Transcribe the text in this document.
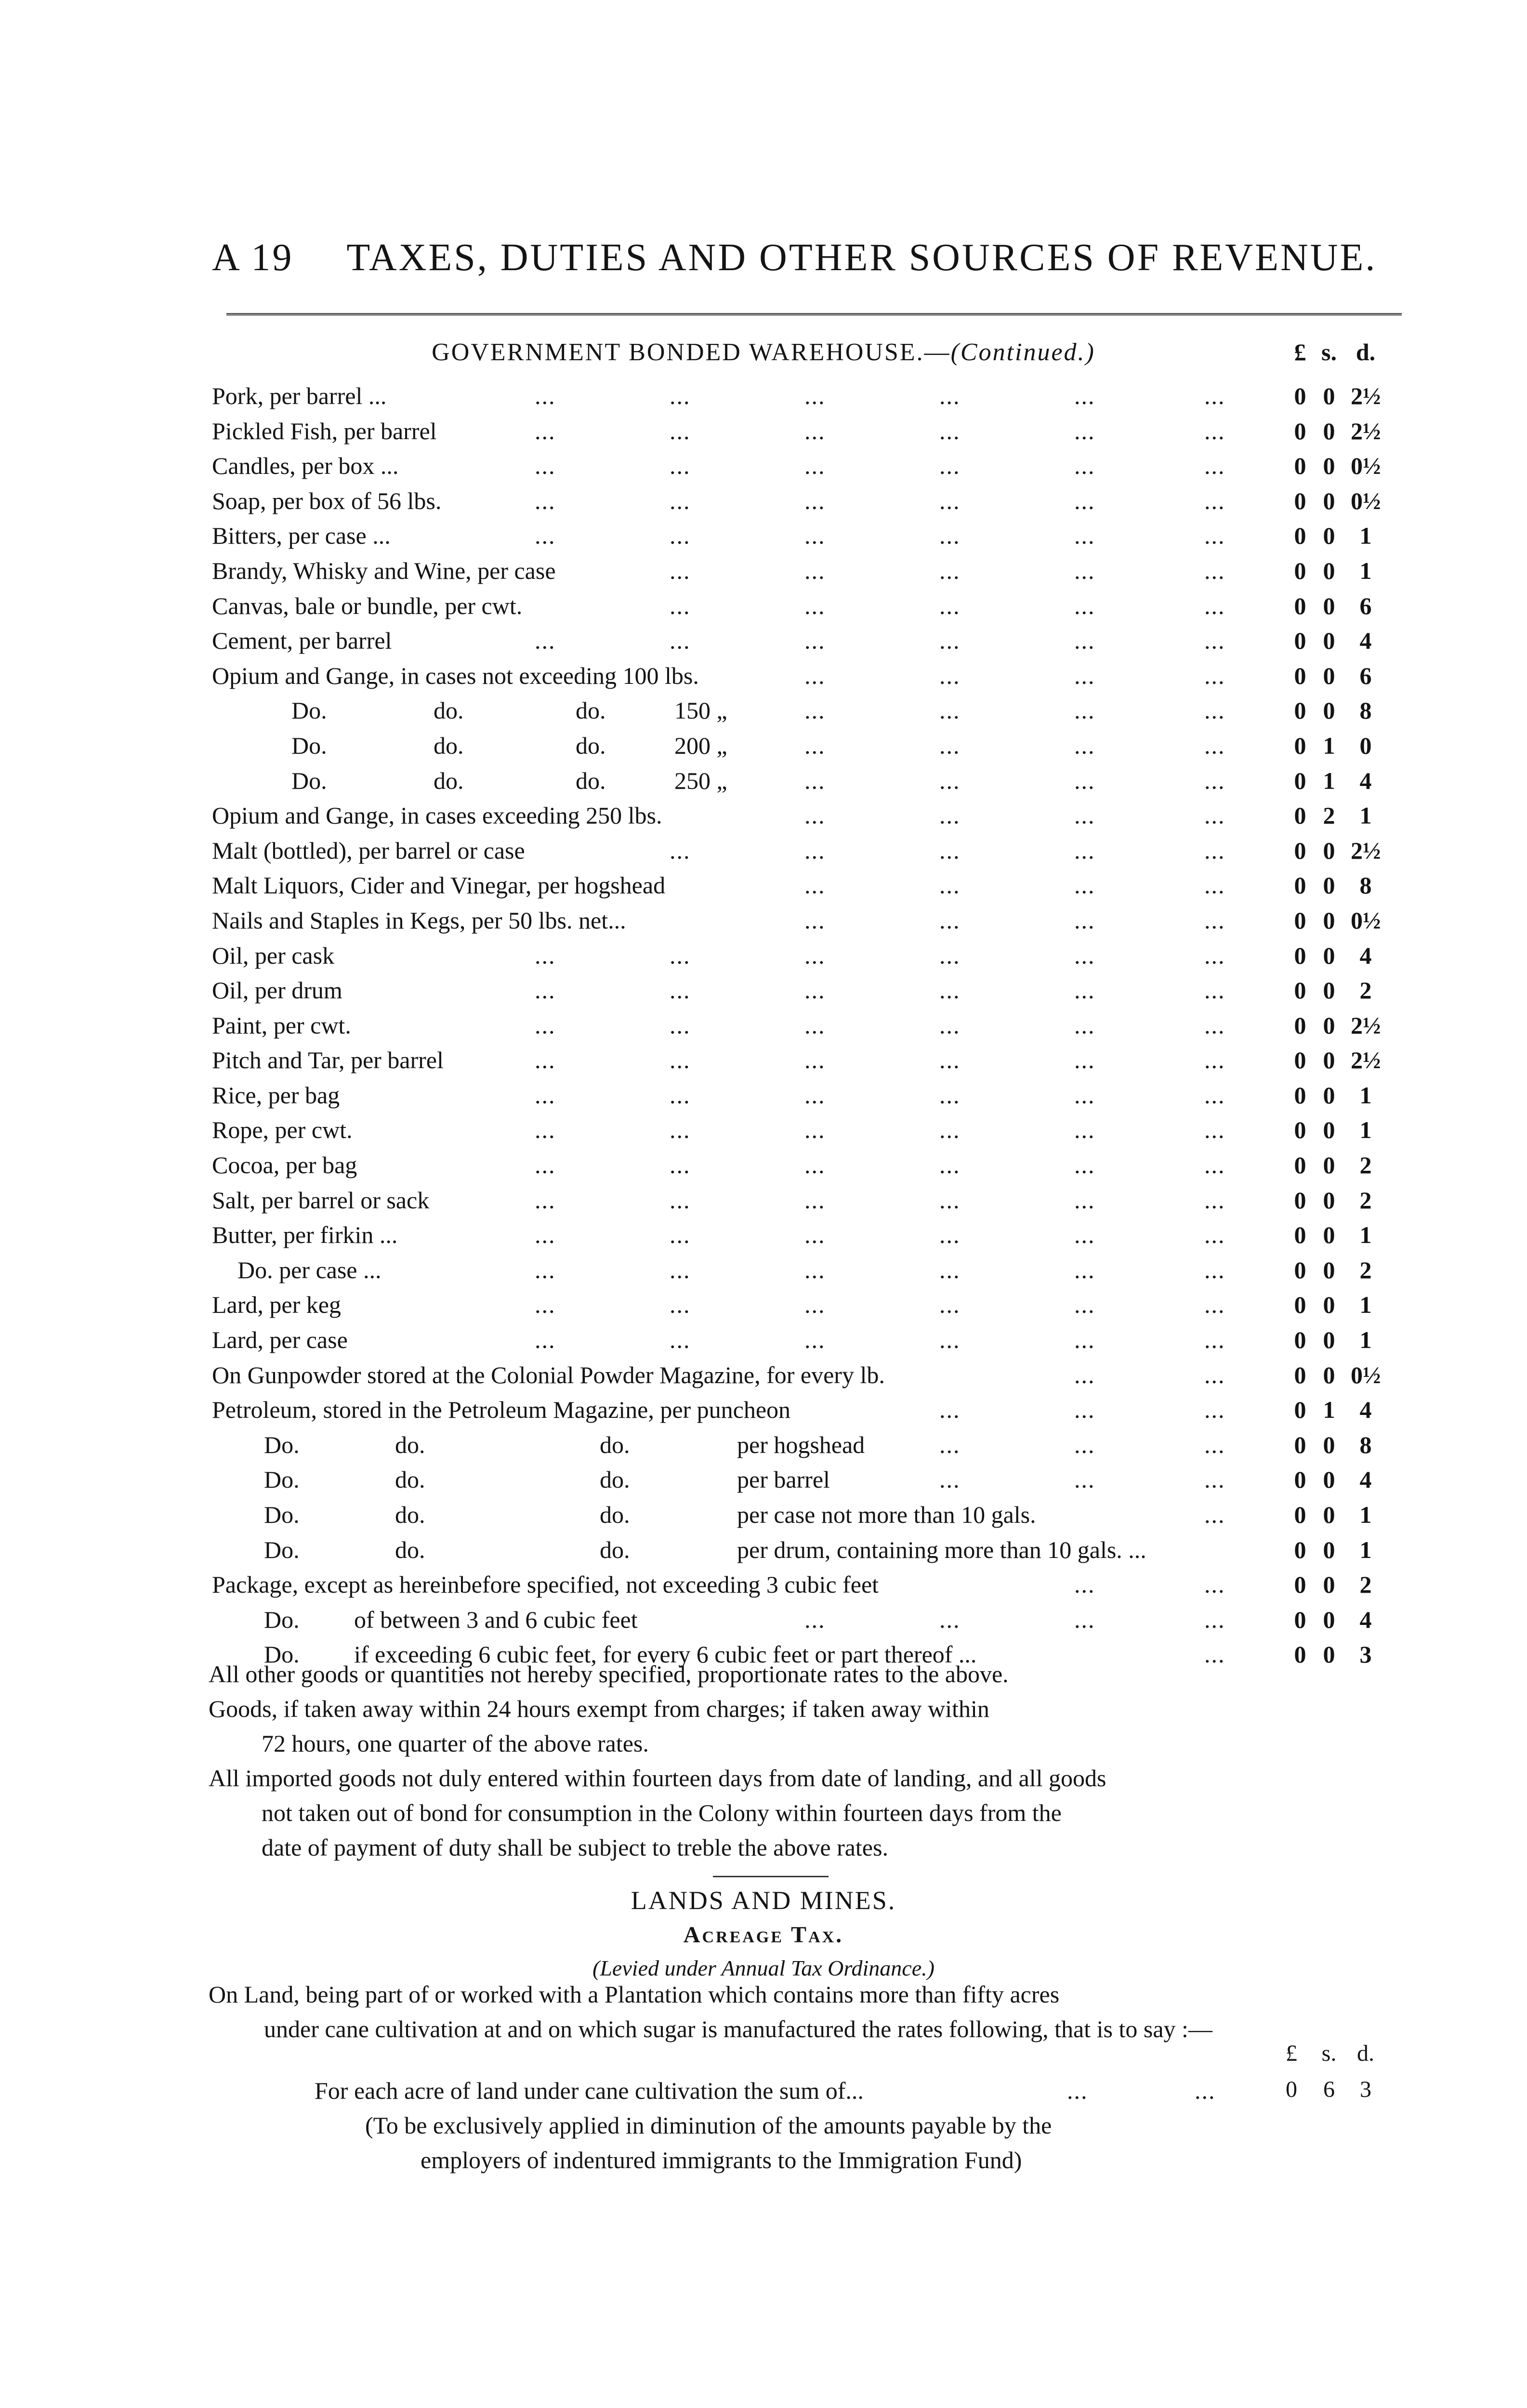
A 19 TAXES, DUTIES AND OTHER SOURCES OF REVENUE.
GOVERNMENT BONDED WAREHOUSE.—(Continued.)	£ s. d.
Pork, per barrel ...	...	...	...	...	...	...	0 0 2½
Pickled Fish, per barrel	...	...	...	...	...	...	0 0 2½
Candles, per box ...	...	...	...	...	...	...	0 0 0½
Soap, per box of 56 lbs.	...	...	...	...	...	...	0 0 0½
Bitters, per case ...	...	...	...	...	...	...	0 0	1
Brandy, Whisky and Wine, per case	...	...	...	...	...	0 0	1
Canvas, bale or bundle, per cwt.	...	...	...	...	...	0 0	6
Cement, per barrel	...	...	...	...	...	...	0 0	4
Opium and Gange, in cases not exceeding 100 lbs.	...	...	...	...	0 0	6
Do.	do.	do.	150 „	...	...	...	...	0 0	8
Do.	do.	do.	200 „	...	...	...	...	0 1	0
Do.	do.	do.	250 „	...	...	...	...	0 1	4
Opium and Gange, in cases exceeding 250 lbs.	...	...	...	...	0 2	1
Malt (bottled), per barrel or case	...	...	...	...	...	0 0 2½
Malt Liquors, Cider and Vinegar, per hogshead	...	...	...	...	0 0	8
Nails and Staples in Kegs, per 50 lbs. net...	...	...	...	...	0 0 0½
Oil, per cask	...	...	...	...	...	...	0 0	4
Oil, per drum	...	...	...	...	...	...	0 0	2
Paint, per cwt.	...	...	...	...	...	...	0 0 2½
Pitch and Tar, per barrel	...	...	...	...	...	...	0 0 2½
Rice, per bag	...	...	...	...	...	...	0 0	1
Rope, per cwt.	...	...	...	...	...	...	0 0	1
Cocoa, per bag	...	...	...	...	...	...	0 0	2
Salt, per barrel or sack	...	...	...	...	...	...	0 0	2
Butter, per firkin ...	...	...	...	...	...	...	0 0	1
Do. per case ...	...	...	...	...	...	...	0 0	2
Lard, per keg	...	...	...	...	...	...	0 0	1
Lard, per case	...	...	...	...	...	...	0 0	1
On Gunpowder stored at the Colonial Powder Magazine, for every lb.	...	...	0 0 0½
Petroleum, stored in the Petroleum Magazine, per puncheon	...	...	...	0 1	4
Do.	do.	do.	per hogshead	...	...	...	0 0	8
Do.	do.	do.	per barrel	...	...	...	0 0	4
Do.	do.	do.	per case not more than 10 gals.	...	0 0	1
Do.	do.	do.	per drum, containing more than 10 gals. ...	0 0	1
Package, except as hereinbefore specified, not exceeding 3 cubic feet	...	...	0 0	2
Do. of between 3 and 6 cubic feet	...	...	...	...	0 0	4
Do. if exceeding 6 cubic feet, for every 6 cubic feet or part thereof ...	...	0 0	3
All other goods or quantities not hereby specified, proportionate rates to the above.
Goods, if taken away within 24 hours exempt from charges; if taken away within
72 hours, one quarter of the above rates.
All imported goods not duly entered within fourteen days from date of landing, and all goods
not taken out of bond for consumption in the Colony within fourteen days from the
date of payment of duty shall be subject to treble the above rates.
LANDS AND MINES.
Acreage Tax.
(Levied under Annual Tax Ordinance.)
On Land, being part of or worked with a Plantation which contains more than fifty acres
under cane cultivation at and on which sugar is manufactured the rates following, that is to say :—
£	s. d.
For each acre of land under cane cultivation the sum of...	...	...	0	6	3
(To be exclusively applied in diminution of the amounts payable by the
employers of indentured immigrants to the Immigration Fund)
